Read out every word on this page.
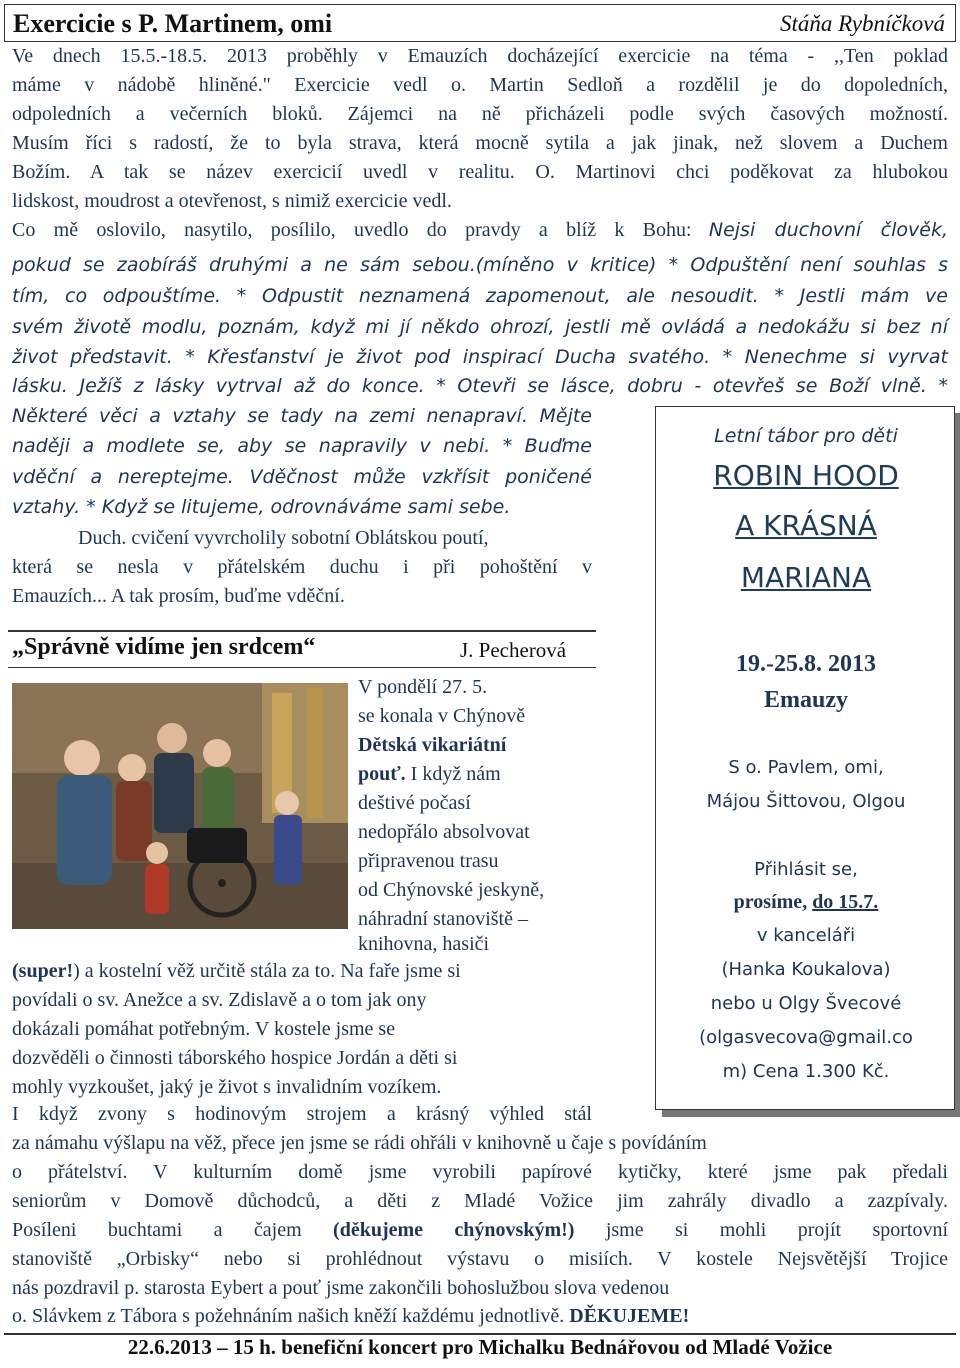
Exercicie s P. Martinem, omi	Stáňa Rybníčková
Ve dnech 15.5.-18.5. 2013 proběhly v Emauzích docházející exercicie na téma - ,,Ten poklad
máme v nádobě hliněné." Exercicie vedl o. Martin Sedloň a rozdělil je do dopoledních,
odpoledních a večerních bloků. Zájemci na ně přicházeli podle svých časových možností.
Musím říci s radostí, že to byla strava, která mocně sytila a jak jinak, než slovem a Duchem
Božím. A tak se název exercicií uvedl v realitu. O. Martinovi chci poděkovat za hlubokou
lidskost, moudrost a otevřenost, s nimiž exercicie vedl.
Co mě oslovilo, nasytilo, posílilo, uvedlo do pravdy a blíž k Bohu: Nejsi duchovní člověk,
pokud se zaobíráš druhými a ne sám sebou.(míněno v kritice) * Odpuštění není souhlas s
tím, co odpouštíme. * Odpustit neznamená zapomenout, ale nesoudit. * Jestli mám ve
svém životě modlu, poznám, když mi jí někdo ohrozí, jestli mě ovládá a nedokážu si bez ní
život představit. * Křesťanství je život pod inspirací Ducha svatého. * Nenechme si vyrvat
lásku. Ježíš z lásky vytrval až do konce. * Otevři se lásce, dobru - otevřeš se Boží vlně. *
Některé věci a vztahy se tady na zemi nenapraví. Mějte
naději a modlete se, aby se napravily v nebi. * Buďme
vděční a nereptejme. Vděčnost může vzkřísit poničené
vztahy. * Když se litujeme, odrovnáváme sami sebe.
Duch. cvičení vyvrcholily sobotní Oblátskou poutí,
která se nesla v přátelském duchu i při pohoštění v
Emauzích... A tak prosím, buďme vděční.
Letní tábor pro děti
ROBIN HOOD
A KRÁSNÁ
MARIANA
19.-25.8. 2013
Emauzy
S o. Pavlem, omi,
Májou Šittovou, Olgou
Přihlásit se,
prosíme, do 15.7.
v kanceláři
(Hanka Koukalova)
nebo u Olgy Švecové
(olgasvecova@gmail.co
m) Cena 1.300 Kč.
„Správně vidíme jen srdcem“	J. Pecherová
V pondělí 27. 5.
se konala v Chýnově
Dětská vikariátní
pouť. I když nám
deštivé počasí
nedopřálo absolvovat
připravenou trasu
od Chýnovské jeskyně,
náhradní stanoviště –
knihovna, hasiči
(super!) a kostelní věž určitě stála za to. Na faře jsme si
povídali o sv. Anežce a sv. Zdislavě a o tom jak ony
dokázali pomáhat potřebným. V kostele jsme se
dozvěděli o činnosti táborského hospice Jordán a děti si
mohly vyzkoušet, jaký je život s invalidním vozíkem.
I když zvony s hodinovým strojem a krásný výhled stál
za námahu výšlapu na věž, přece jen jsme se rádi ohřáli v knihovně u čaje s povídáním
o přátelství. V kulturním domě jsme vyrobili papírové kytičky, které jsme pak předali
seniorům v Domově důchodců, a děti z Mladé Vožice jim zahrály divadlo a zazpívaly.
Posíleni buchtami a čajem (děkujeme chýnovským!) jsme si mohli projít sportovní
stanoviště „Orbisky“ nebo si prohlédnout výstavu o misiích. V kostele Nejsvětější Trojice
nás pozdravil p. starosta Eybert a pouť jsme zakončili bohoslužbou slova vedenou
o. Slávkem z Tábora s požehnáním našich kněží každému jednotlivě. DĚKUJEME!
22.6.2013 – 15 h. benefiční koncert pro Michalku Bednářovou od Mladé Vožice
